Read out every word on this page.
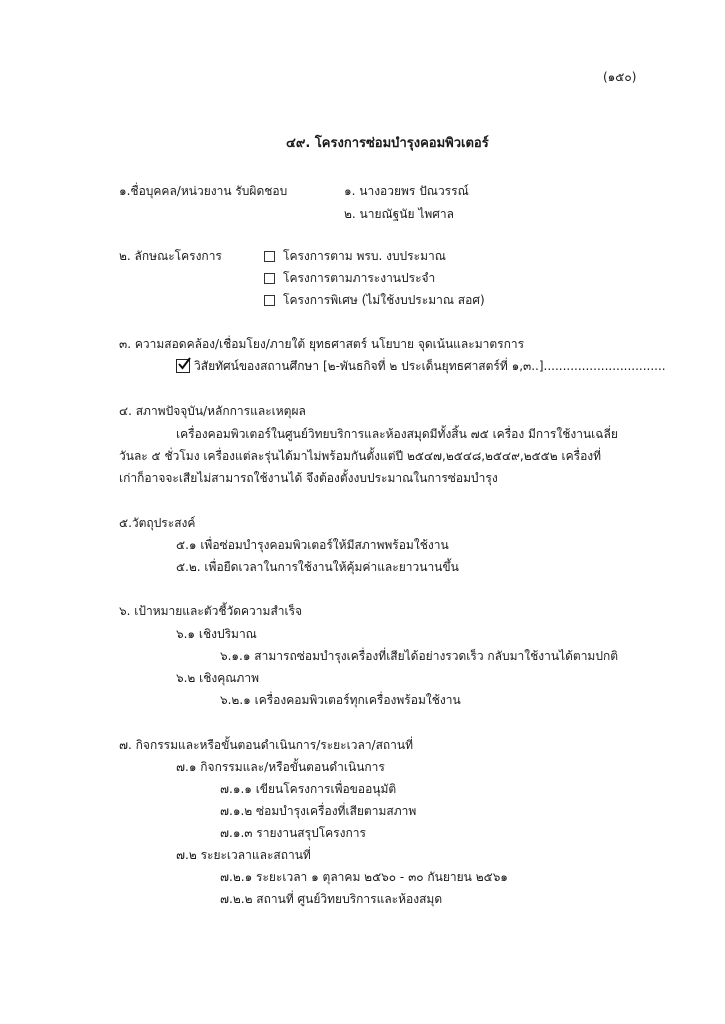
(๑๕๐)
๔๙. โครงการซ่อมบำรุงคอมพิวเตอร์
๑.ชื่อบุคคล/หน่วยงาน รับผิดชอบ	๑. นางอวยพร ปัณวรรณ์
๒. นายณัฐนัย ไพศาล
๒. ลักษณะโครงการ	โครงการตาม พรบ. งบประมาณ
โครงการตามภาระงานประจำ
โครงการพิเศษ (ไม่ใช้งบประมาณ สอศ)
๓. ความสอดคล้อง/เชื่อมโยง/ภายใต้ ยุทธศาสตร์ นโยบาย จุดเน้นและมาตรการ
วิสัยทัศน์ของสถานศึกษา [๒-พันธกิจที่ ๒ ประเด็นยุทธศาสตร์ที่ ๑,๓..]................................
๔. สภาพปัจจุบัน/หลักการและเหตุผล
เครื่องคอมพิวเตอร์ในศูนย์วิทยบริการและห้องสมุดมีทั้งสิ้น ๗๕ เครื่อง มีการใช้งานเฉลี่ย
วันละ ๕ ชั่วโมง เครื่องแต่ละรุ่นได้มาไม่พร้อมกันตั้งแต่ปี ๒๕๔๗,๒๕๔๘,๒๕๔๙,๒๕๕๒ เครื่องที่
เก่าก็อาจจะเสียไม่สามารถใช้งานได้ จึงต้องตั้งงบประมาณในการซ่อมบำรุง
๕.วัตถุประสงค์
๕.๑ เพื่อซ่อมบำรุงคอมพิวเตอร์ให้มีสภาพพร้อมใช้งาน
๕.๒. เพื่อยืดเวลาในการใช้งานให้คุ้มค่าและยาวนานขึ้น
๖. เป้าหมายและตัวชี้วัดความสำเร็จ
๖.๑ เชิงปริมาณ
๖.๑.๑ สามารถซ่อมบำรุงเครื่องที่เสียได้อย่างรวดเร็ว กลับมาใช้งานได้ตามปกติ
๖.๒ เชิงคุณภาพ
๖.๒.๑ เครื่องคอมพิวเตอร์ทุกเครื่องพร้อมใช้งาน
๗. กิจกรรมและหรือขั้นตอนดำเนินการ/ระยะเวลา/สถานที่
๗.๑ กิจกรรมและ/หรือขั้นตอนดำเนินการ
๗.๑.๑ เขียนโครงการเพื่อขออนุมัติ
๗.๑.๒ ซ่อมบำรุงเครื่องที่เสียตามสภาพ
๗.๑.๓ รายงานสรุปโครงการ
๗.๒ ระยะเวลาและสถานที่
๗.๒.๑ ระยะเวลา ๑ ตุลาคม ๒๕๖๐ - ๓๐ กันยายน ๒๕๖๑
๗.๒.๒ สถานที่ ศูนย์วิทยบริการและห้องสมุด
